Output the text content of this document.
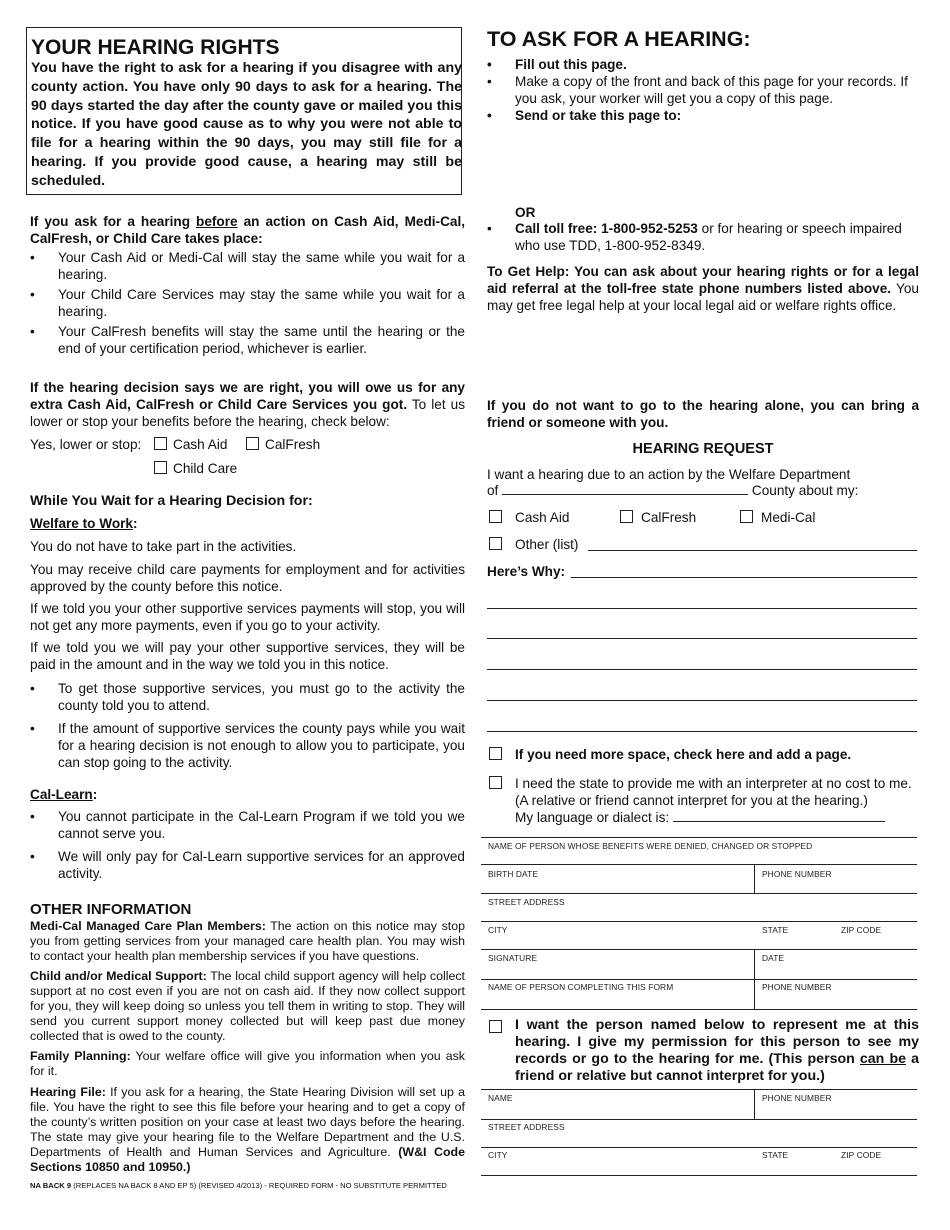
YOUR HEARING RIGHTS
You have the right to ask for a hearing if you disagree with any county action. You have only 90 days to ask for a hearing. The 90 days started the day after the county gave or mailed you this notice. If you have good cause as to why you were not able to file for a hearing within the 90 days, you may still file for a hearing. If you provide good cause, a hearing may still be scheduled.
If you ask for a hearing before an action on Cash Aid, Medi-Cal, CalFresh, or Child Care takes place:
• Your Cash Aid or Medi-Cal will stay the same while you wait for a hearing.
• Your Child Care Services may stay the same while you wait for a hearing.
• Your CalFresh benefits will stay the same until the hearing or the end of your certification period, whichever is earlier.
If the hearing decision says we are right, you will owe us for any extra Cash Aid, CalFresh or Child Care Services you got. To let us lower or stop your benefits before the hearing, check below:
Yes, lower or stop:	Cash Aid	CalFresh
Child Care
While You Wait for a Hearing Decision for:
Welfare to Work:
You do not have to take part in the activities.
You may receive child care payments for employment and for activities approved by the county before this notice.
If we told you your other supportive services payments will stop, you will not get any more payments, even if you go to your activity.
If we told you we will pay your other supportive services, they will be paid in the amount and in the way we told you in this notice.
• To get those supportive services, you must go to the activity the county told you to attend.
• If the amount of supportive services the county pays while you wait for a hearing decision is not enough to allow you to participate, you can stop going to the activity.
Cal-Learn:
• You cannot participate in the Cal-Learn Program if we told you we cannot serve you.
• We will only pay for Cal-Learn supportive services for an approved activity.
OTHER INFORMATION
Medi-Cal Managed Care Plan Members: The action on this notice may stop you from getting services from your managed care health plan. You may wish to contact your health plan membership services if you have questions.
Child and/or Medical Support: The local child support agency will help collect support at no cost even if you are not on cash aid. If they now collect support for you, they will keep doing so unless you tell them in writing to stop. They will send you current support money collected but will keep past due money collected that is owed to the county.
Family Planning: Your welfare office will give you information when you ask for it.
Hearing File: If you ask for a hearing, the State Hearing Division will set up a file. You have the right to see this file before your hearing and to get a copy of the county’s written position on your case at least two days before the hearing. The state may give your hearing file to the Welfare Department and the U.S. Departments of Health and Human Services and Agriculture. (W&I Code Sections 10850 and 10950.)
NA BACK 9 (REPLACES NA BACK 8 AND EP 5) (REVISED 4/2013) - REQUIRED FORM - NO SUBSTITUTE PERMITTED
TO ASK FOR A HEARING:
• Fill out this page.
• Make a copy of the front and back of this page for your records. If you ask, your worker will get you a copy of this page.
• Send or take this page to:
OR
• Call toll free: 1-800-952-5253 or for hearing or speech impaired who use TDD, 1-800-952-8349.
To Get Help: You can ask about your hearing rights or for a legal aid referral at the toll-free state phone numbers listed above. You may get free legal help at your local legal aid or welfare rights office.
If you do not want to go to the hearing alone, you can bring a friend or someone with you.
HEARING REQUEST
I want a hearing due to an action by the Welfare Department
of	County about my:
Cash Aid	CalFresh	Medi-Cal
Other (list)
Here’s Why:
If you need more space, check here and add a page.
I need the state to provide me with an interpreter at no cost to me.
(A relative or friend cannot interpret for you at the hearing.)
My language or dialect is:
NAME OF PERSON WHOSE BENEFITS WERE DENIED, CHANGED OR STOPPED
BIRTH DATE	PHONE NUMBER
STREET ADDRESS
CITY	STATE	ZIP CODE
SIGNATURE	DATE
NAME OF PERSON COMPLETING THIS FORM	PHONE NUMBER
I want the person named below to represent me at this hearing. I give my permission for this person to see my records or go to the hearing for me. (This person can be a friend or relative but cannot interpret for you.)
NAME	PHONE NUMBER
STREET ADDRESS
CITY	STATE	ZIP CODE
